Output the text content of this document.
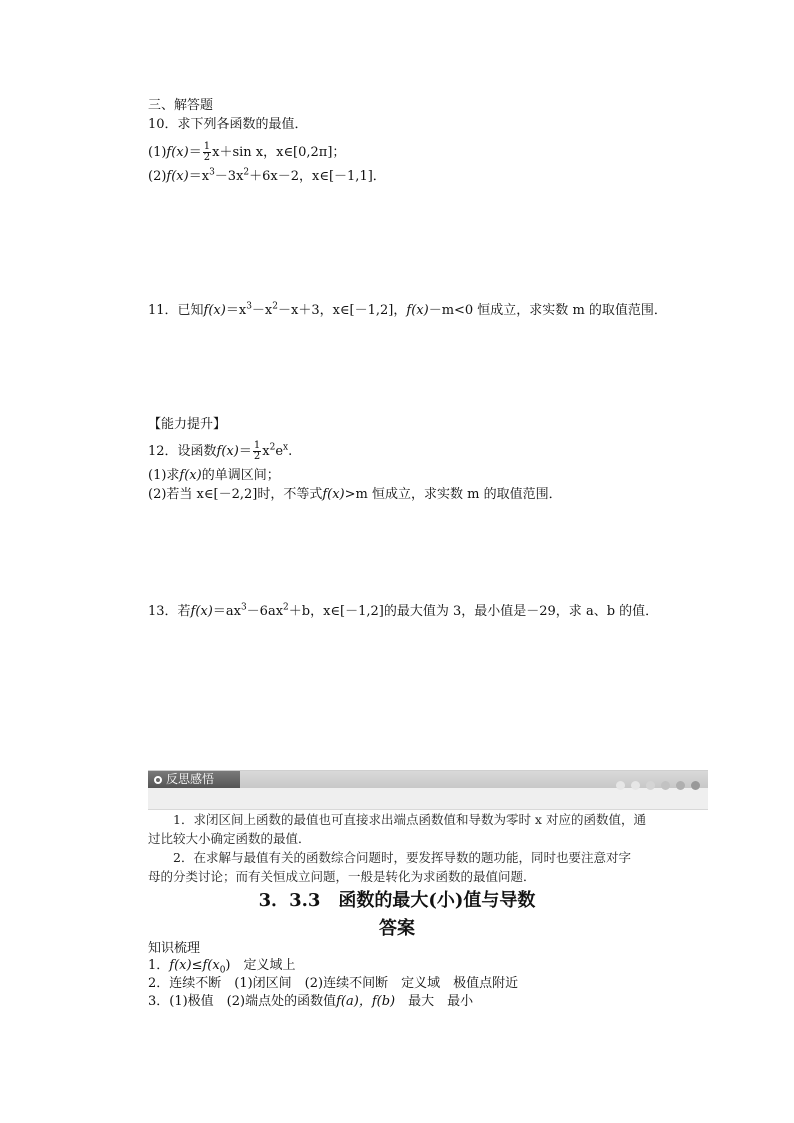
三、解答题
10．求下列各函数的最值．
$(1)f(x)= \frac{1}{2} x+\sin$ x，x∈[0,2π]；
$(2)f(x)=x^3-3x^2+6x-2$，x∈[－1,1]．
11．已知$f(x)=x^3-x^2-x+3$，x∈[－1,2]，f(x)－m<0 恒成立，求实数 m 的取值范围．
【能力提升】
12．设函数$f(x)= \frac{1}{2} x^2e^x$.
(1)求f(x)的单调区间；
(2)若当 x∈[－2,2]时，不等式f(x)>m 恒成立，求实数 m 的取值范围．
13．若$f(x)=ax^3-6ax^2+b$，x∈[－1,2]的最大值为 3，最小值是－29，求 a、b 的值．
反思感悟
1．求闭区间上函数的最值也可直接求出端点函数值和导数为零时 x 对应的函数值，通
过比较大小确定函数的最值．
2．在求解与最值有关的函数综合问题时，要发挥导数的题功能，同时也要注意对字
母的分类讨论；而有关恒成立问题，一般是转化为求函数的最值问题．
3．3.3　函数的最大(小)值与导数
答案
知识梳理
1．$f(x)\le f(x_0)$　定义域上
2．连续不断　(1)闭区间　(2)连续不间断　定义域　极值点附近
3．(1)极值　(2)端点处的函数值f(a)，f(b)　最大　最小
